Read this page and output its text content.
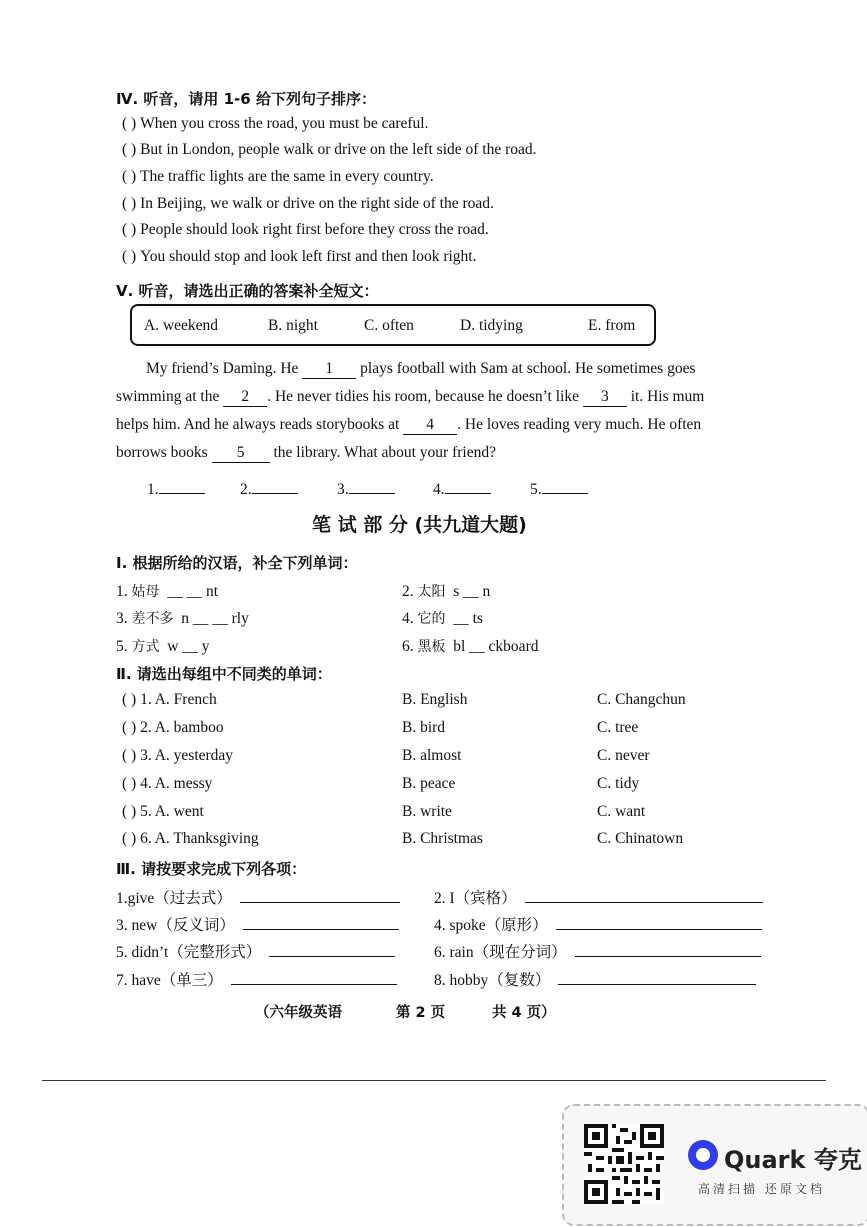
Ⅳ. 听音，请用 1-6 给下列句子排序：
( ) When you cross the road, you must be careful.
( ) But in London, people walk or drive on the left side of the road.
( ) The traffic lights are the same in every country.
( ) In Beijing, we walk or drive on the right side of the road.
( ) People should look right first before they cross the road.
( ) You should stop and look left first and then look right.
Ⅴ. 听音，请选出正确的答案补全短文：
A. weekend	B. night	C. often	D. tidying	E. from
My friend’s Daming. He 1 plays football with Sam at school. He sometimes goes
swimming at the 2 . He never tidies his room, because he doesn’t like 3 it. His mum
helps him. And he always reads storybooks at 4 . He loves reading very much. He often
borrows books 5 the library. What about your friend?
1.	2.	3.	4.	5.
笔 试 部 分 (共九道大题)
Ⅰ. 根据所给的汉语，补全下列单词：
1. 姑母 __ __ nt	2. 太阳 s __ n
3. 差不多 n __ __ rly	4. 它的 __ ts
5. 方式 w __ y	6. 黑板 bl __ ckboard
Ⅱ. 请选出每组中不同类的单词：
( ) 1. A. French	B. English	C. Changchun
( ) 2. A. bamboo	B. bird	C. tree
( ) 3. A. yesterday	B. almost	C. never
( ) 4. A. messy	B. peace	C. tidy
( ) 5. A. went	B. write	C. want
( ) 6. A. Thanksgiving	B. Christmas	C. Chinatown
Ⅲ. 请按要求完成下列各项：
1.give（过去式）	2. I（宾格）
3. new（反义词）	4. spoke（原形）
5. didn’t（完整形式）	6. rain（现在分词）
7. have（单三）	8. hobby（复数）
（六年级英语	第 2 页	共 4 页）
Quark 夸克
高清扫描 还原文档
